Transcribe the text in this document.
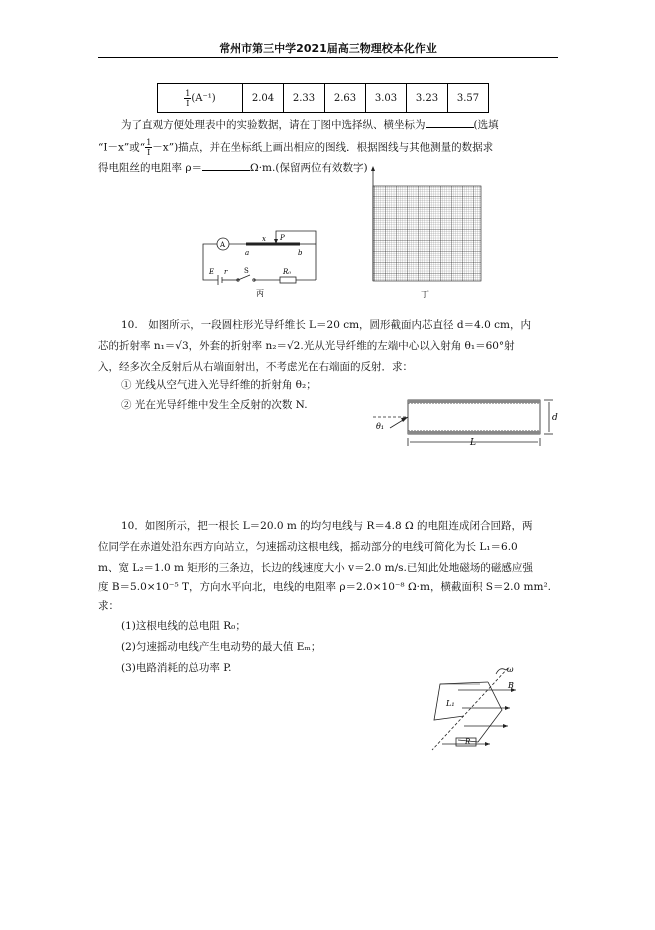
常州市第三中学2021届高三物理校本化作业
$\frac{1}{I}(A^{-1})$	2.04	2.33	2.63	3.03	3.23	3.57
为了直观方便处理表中的实验数据，请在丁图中选择纵、横坐标为	(选填
“I－x”或“ $\frac{1}{I}-x$”)描点，并在坐标纸上画出相应的图线．根据图线与其他测量的数据求
得电阻丝的电阻率 ρ＝	Ω·m.(保留两位有效数字)
A
x P
a	b
E r S	R₀
丙	丁
10.　如图所示，一段圆柱形光导纤维长 L＝20 cm，圆形截面内芯直径 d＝4.0 cm，内
芯的折射率 n₁＝√3，外套的折射率 n₂＝√2.光从光导纤维的左端中心以入射角 θ₁＝60°射
入，经多次全反射后从右端面射出，不考虑光在右端面的反射．求：
① 光线从空气进入光导纤维的折射角 θ₂；
② 光在光导纤维中发生全反射的次数 N.
θ₁
d
L
10．如图所示，把一根长 L＝20.0 m 的均匀电线与 R＝4.8 Ω 的电阻连成闭合回路，两
位同学在赤道处沿东西方向站立，匀速摇动这根电线，摇动部分的电线可简化为长 L₁＝6.0
m、宽 L₂＝1.0 m 矩形的三条边，长边的线速度大小 v＝2.0 m/s.已知此处地磁场的磁感应强
度 B＝5.0×10⁻⁵ T，方向水平向北，电线的电阻率 ρ＝2.0×10⁻⁸ Ω·m，横截面积 S＝2.0 mm².
求：
(1)这根电线的总电阻 R₀；
(2)匀速摇动电线产生电动势的最大值 Eₘ；
(3)电路消耗的总功率 P.	ω
B
L₁
R
